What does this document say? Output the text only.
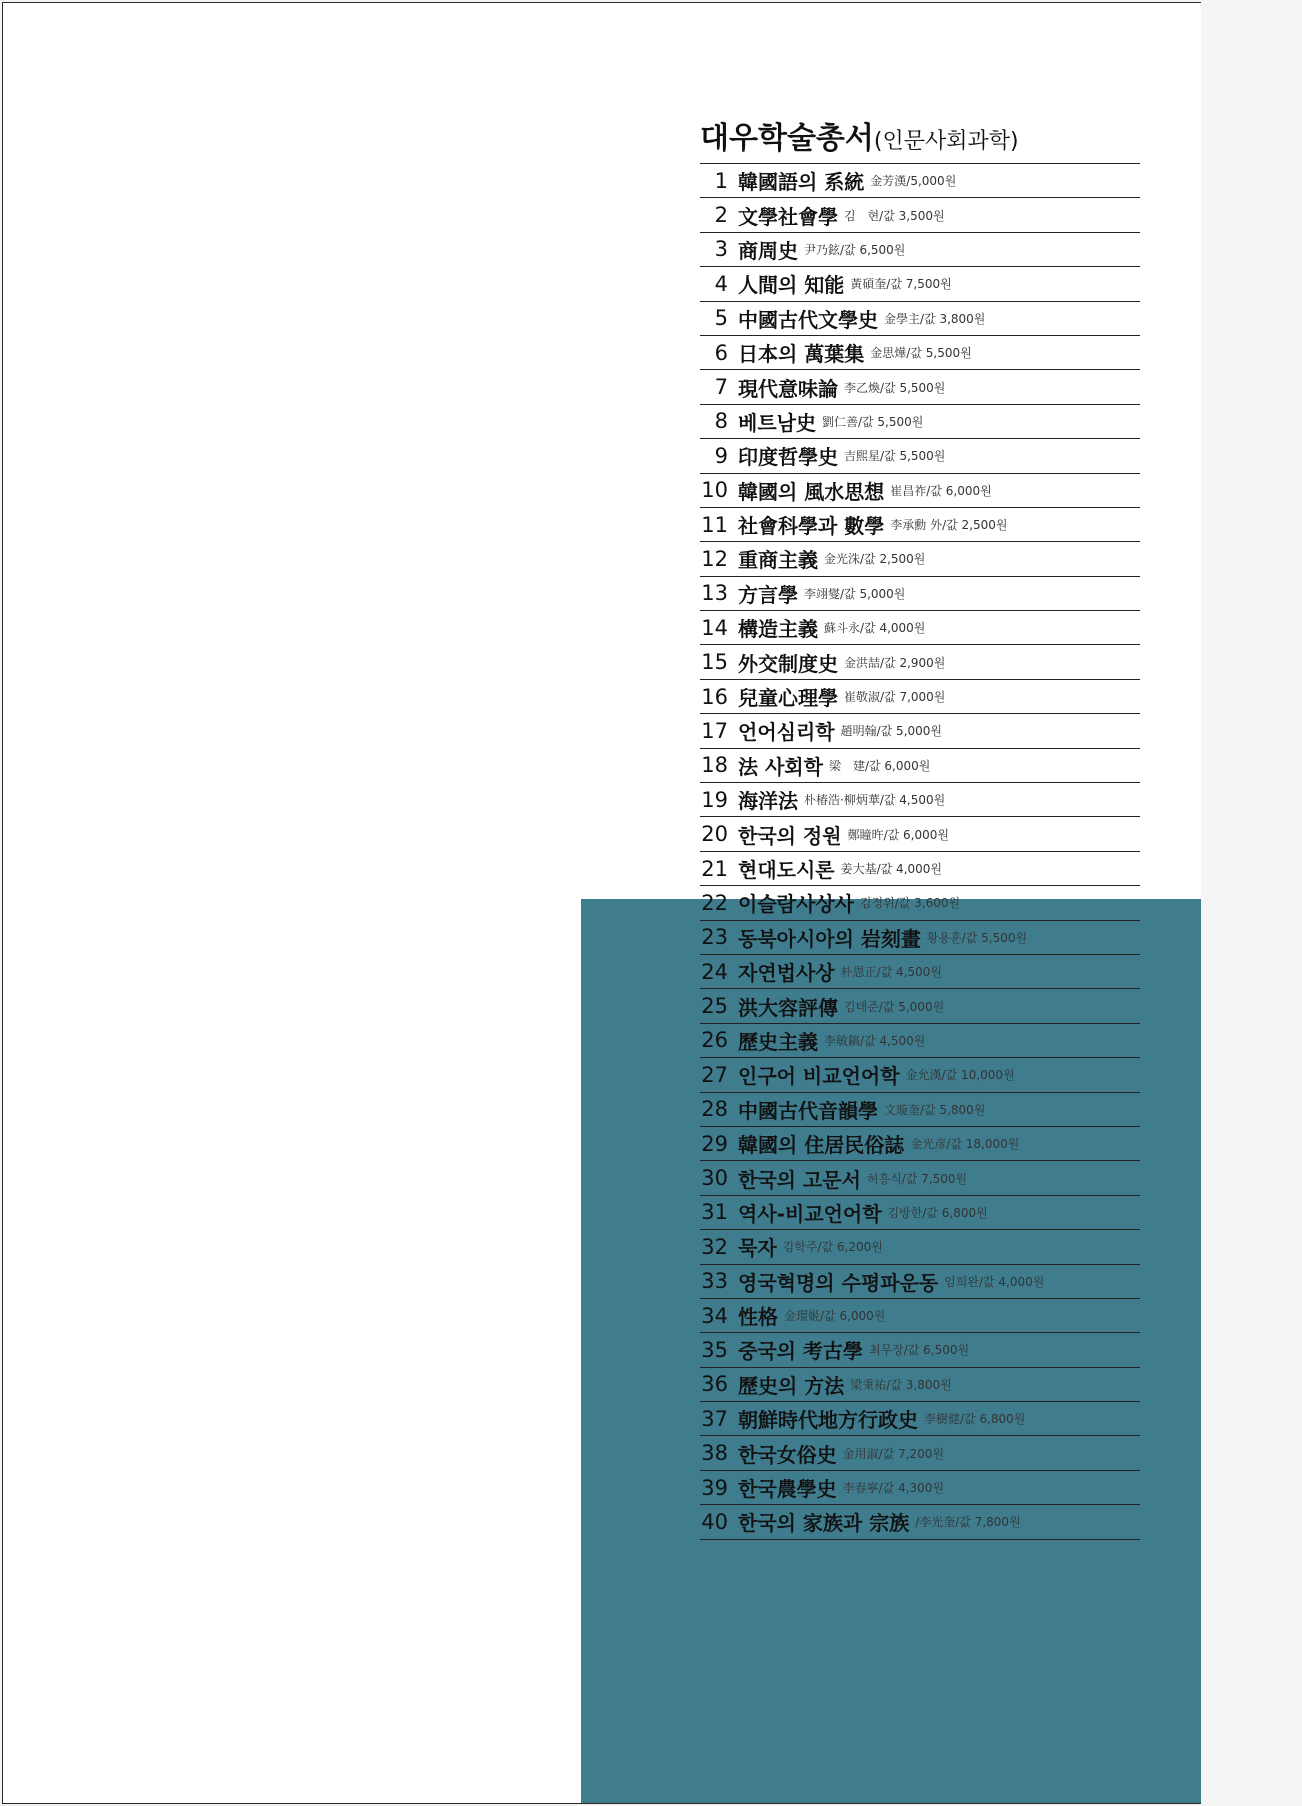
대우학술총서(인문사회과학)
1 韓國語의 系統 金芳漢/5,000원
2 文學社會學 김　현/값 3,500원
3 商周史 尹乃鉉/값 6,500원
4 人間의 知能 黃碩奎/값 7,500원
5 中國古代文學史 金學主/값 3,800원
6 日本의 萬葉集 金思燁/값 5,500원
7 現代意味論 李乙煥/값 5,500원
8 베트남史 劉仁善/값 5,500원
9 印度哲學史 吉熙星/값 5,500원
10 韓國의 風水思想 崔昌祚/값 6,000원
11 社會科學과 數學 李承勳 外/값 2,500원
12 重商主義 金光洙/값 2,500원
13 方言學 李翊燮/값 5,000원
14 構造主義 蘇斗永/값 4,000원
15 外交制度史 金洪喆/값 2,900원
16 兒童心理學 崔敬淑/값 7,000원
17 언어심리학 趙明翰/값 5,000원
18 法 사회학 梁　建/값 6,000원
19 海洋法 朴椿浩·柳炳華/값 4,500원
20 한국의 정원 鄭瞳旿/값 6,000원
21 현대도시론 姜大基/값 4,000원
22 이슬람사상사 김정위/값 3,600원
23 동북아시아의 岩刻畫 황용훈/값 5,500원
24 자연법사상 朴恩正/값 4,500원
25 洪大容評傳 김태준/값 5,000원
26 歷史主義 李敏鎬/값 4,500원
27 인구어 비교언어학 金允漢/값 10,000원
28 中國古代音韻學 文璇奎/값 5,800원
29 韓國의 住居民俗誌 金光彦/값 18,000원
30 한국의 고문서 허흥식/값 7,500원
31 역사-비교언어학 김방한/값 6,800원
32 묵자 김학주/값 6,200원
33 영국혁명의 수평파운동 임희완/값 4,000원
34 性格 金璟姬/값 6,000원
35 중국의 考古學 최무장/값 6,500원
36 歷史의 方法 梁秉祐/값 3,800원
37 朝鮮時代地方行政史 李樹健/값 6,800원
38 한국女俗史 金用淑/값 7,200원
39 한국農學史 李春寧/값 4,300원
40 한국의 家族과 宗族 /李光奎/값 7,800원
